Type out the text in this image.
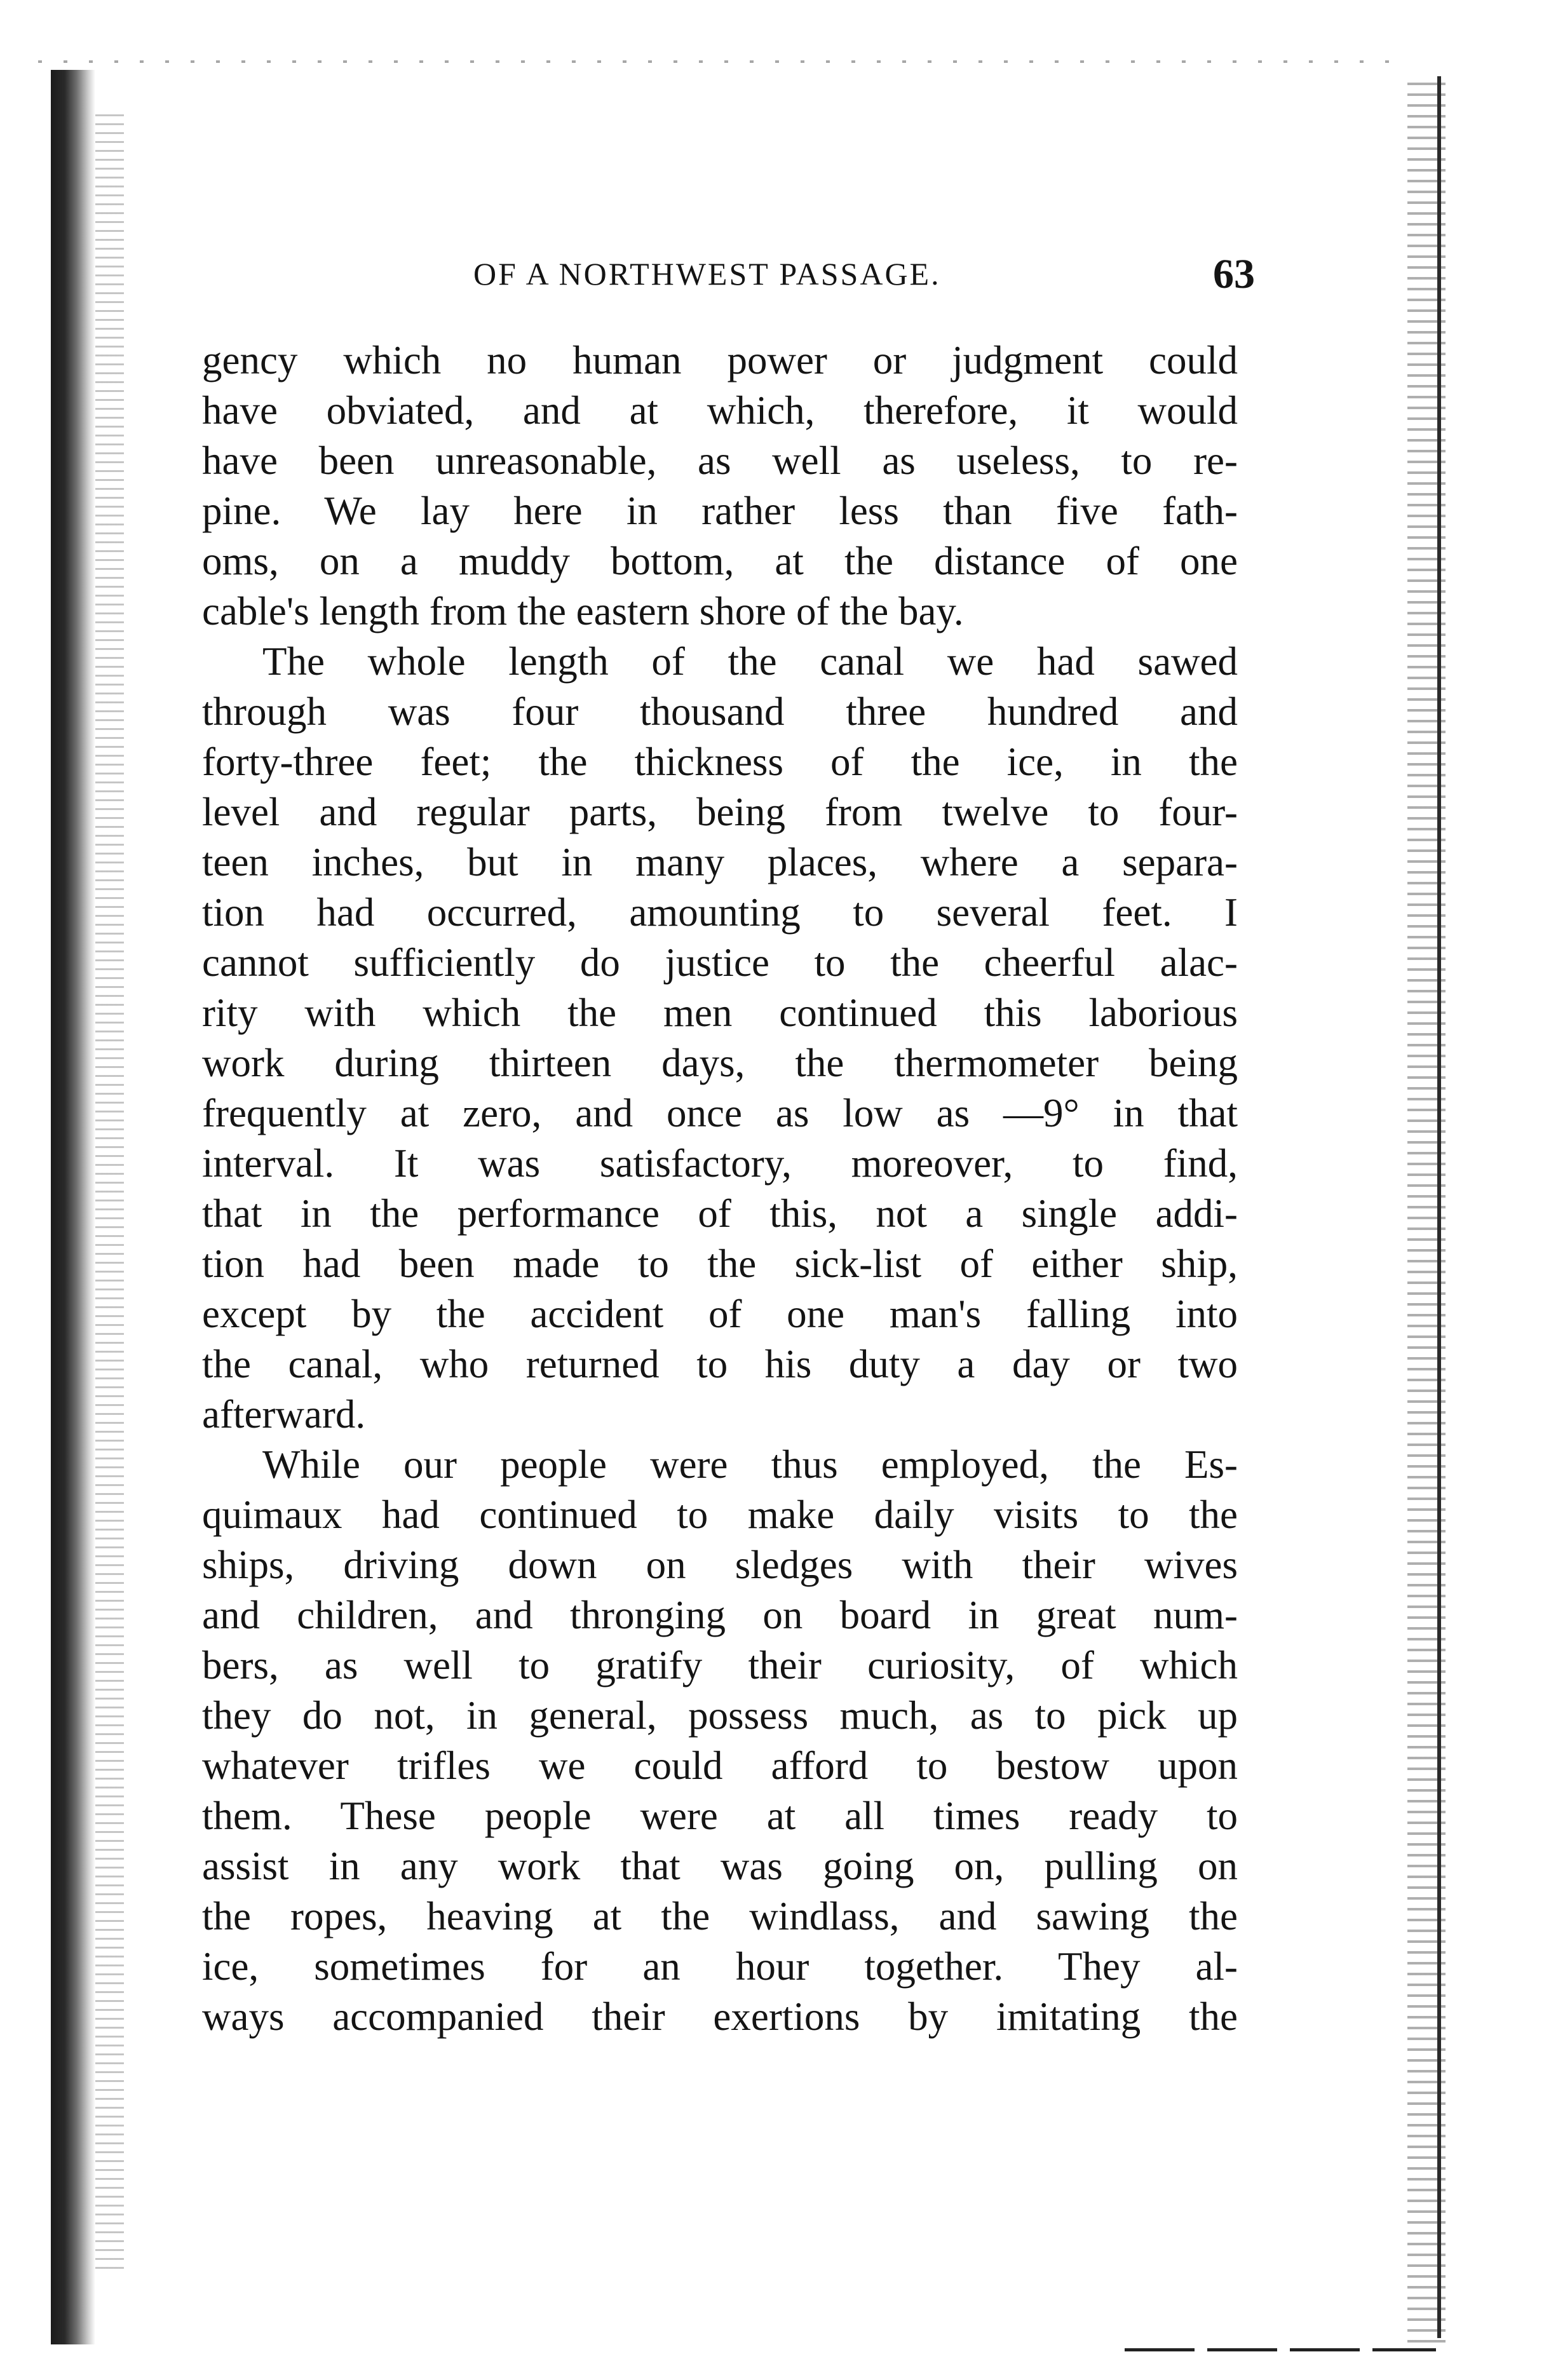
OF A NORTHWEST PASSAGE.	63
gency which no human power or judgment could
have obviated, and at which, therefore, it would
have been unreasonable, as well as useless, to re-
pine. We lay here in rather less than five fath-
oms, on a muddy bottom, at the distance of one
cable's length from the eastern shore of the bay.
The whole length of the canal we had sawed
through was four thousand three hundred and
forty-three feet; the thickness of the ice, in the
level and regular parts, being from twelve to four-
teen inches, but in many places, where a separa-
tion had occurred, amounting to several feet. I
cannot sufficiently do justice to the cheerful alac-
rity with which the men continued this laborious
work during thirteen days, the thermometer being
frequently at zero, and once as low as —9° in that
interval. It was satisfactory, moreover, to find,
that in the performance of this, not a single addi-
tion had been made to the sick-list of either ship,
except by the accident of one man's falling into
the canal, who returned to his duty a day or two
afterward.
While our people were thus employed, the Es-
quimaux had continued to make daily visits to the
ships, driving down on sledges with their wives
and children, and thronging on board in great num-
bers, as well to gratify their curiosity, of which
they do not, in general, possess much, as to pick up
whatever trifles we could afford to bestow upon
them. These people were at all times ready to
assist in any work that was going on, pulling on
the ropes, heaving at the windlass, and sawing the
ice, sometimes for an hour together. They al-
ways accompanied their exertions by imitating the
